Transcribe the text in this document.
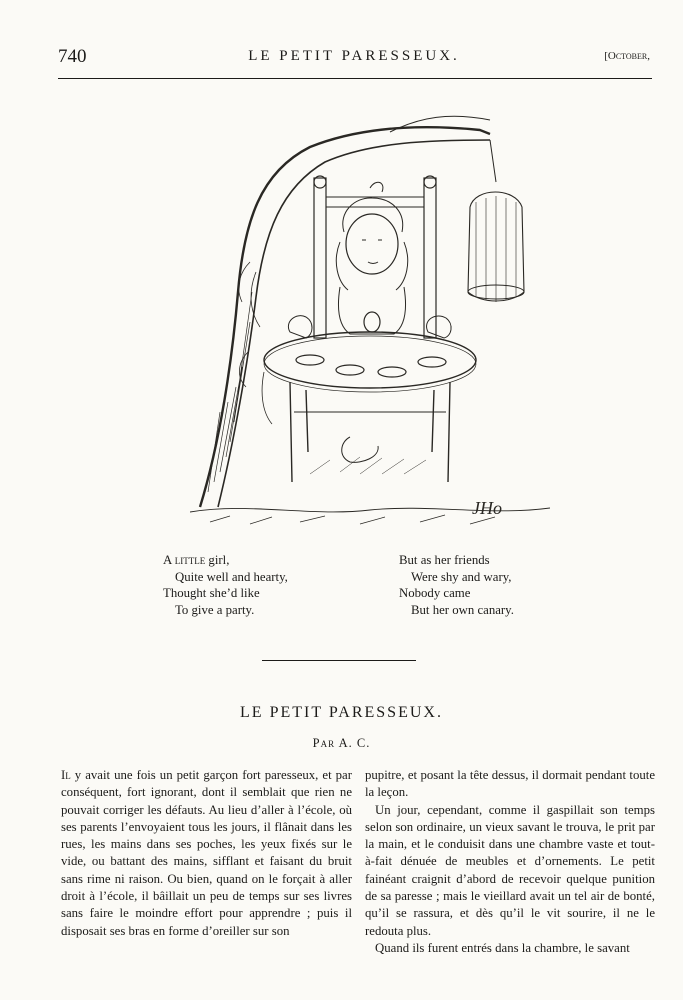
740	LE PETIT PARESSEUX.	[October,
JHo
A little girl,
Quite well and hearty,
Thought she’d like
To give a party.
But as her friends
Were shy and wary,
Nobody came
But her own canary.
LE PETIT PARESSEUX.
Par A. C.

Il y avait une fois un petit garçon fort paresseux, et par conséquent, fort ignorant, dont il semblait que rien ne pouvait corriger les défauts. Au lieu d’aller à l’école, où ses parents l’envoyaient tous les jours, il flânait dans les rues, les mains dans ses poches, les yeux fixés sur le vide, ou battant des mains, sifflant et faisant du bruit sans rime ni raison. Ou bien, quand on le forçait à aller droit à l’école, il bâillait un peu de temps sur ses livres sans faire le moindre effort pour apprendre ; puis il disposait ses bras en forme d’oreiller sur son

pupitre, et posant la tête dessus, il dormait pendant toute la leçon.

Un jour, cependant, comme il gaspillait son temps selon son ordinaire, un vieux savant le trouva, le prit par la main, et le conduisit dans une chambre vaste et tout-à-fait dénuée de meubles et d’ornements. Le petit fainéant craignit d’abord de recevoir quelque punition de sa paresse ; mais le vieillard avait un tel air de bonté, qu’il se rassura, et dès qu’il le vit sourire, il ne le redouta plus.

Quand ils furent entrés dans la chambre, le savant
